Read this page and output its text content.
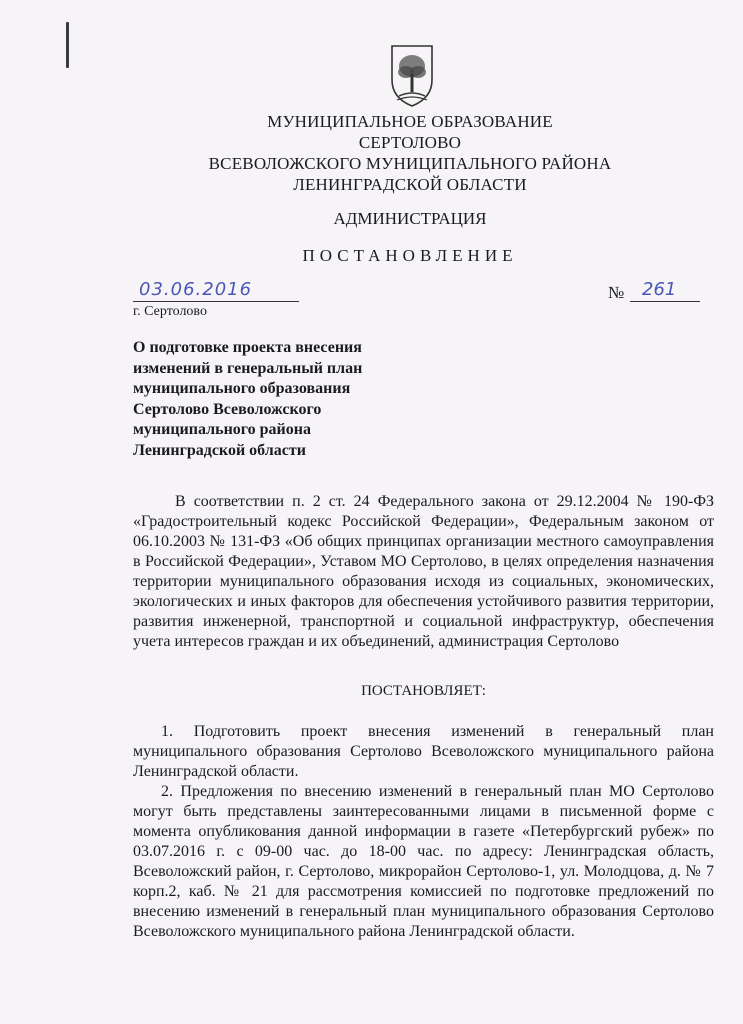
МУНИЦИПАЛЬНОЕ ОБРАЗОВАНИЕ
СЕРТОЛОВО
ВСЕВОЛОЖСКОГО МУНИЦИПАЛЬНОГО РАЙОНА
ЛЕНИНГРАДСКОЙ ОБЛАСТИ
АДМИНИСТРАЦИЯ
ПОСТАНОВЛЕНИЕ
03.06.2016	№ 261
г. Сертолово
О подготовке проекта внесения изменений в генеральный план муниципального образования Сертолово Всеволожского муниципального района Ленинградской области
В соответствии п. 2 ст. 24 Федерального закона от 29.12.2004 № 190-ФЗ «Градостроительный кодекс Российской Федерации», Федеральным законом от 06.10.2003 № 131-ФЗ «Об общих принципах организации местного самоуправления в Российской Федерации», Уставом МО Сертолово, в целях определения назначения территории муниципального образования исходя из социальных, экономических, экологических и иных факторов для обеспечения устойчивого развития территории, развития инженерной, транспортной и социальной инфраструктур, обеспечения учета интересов граждан и их объединений, администрация Сертолово
ПОСТАНОВЛЯЕТ:

1. Подготовить проект внесения изменений в генеральный план муниципального образования Сертолово Всеволожского муниципального района Ленинградской области.

2. Предложения по внесению изменений в генеральный план МО Сертолово могут быть представлены заинтересованными лицами в письменной форме с момента опубликования данной информации в газете «Петербургский рубеж» по 03.07.2016 г. с 09-00 час. до 18-00 час. по адресу: Ленинградская область, Всеволожский район, г. Сертолово, микрорайон Сертолово-1, ул. Молодцова, д. № 7 корп.2, каб. № 21 для рассмотрения комиссией по подготовке предложений по внесению изменений в генеральный план муниципального образования Сертолово Всеволожского муниципального района Ленинградской области.
